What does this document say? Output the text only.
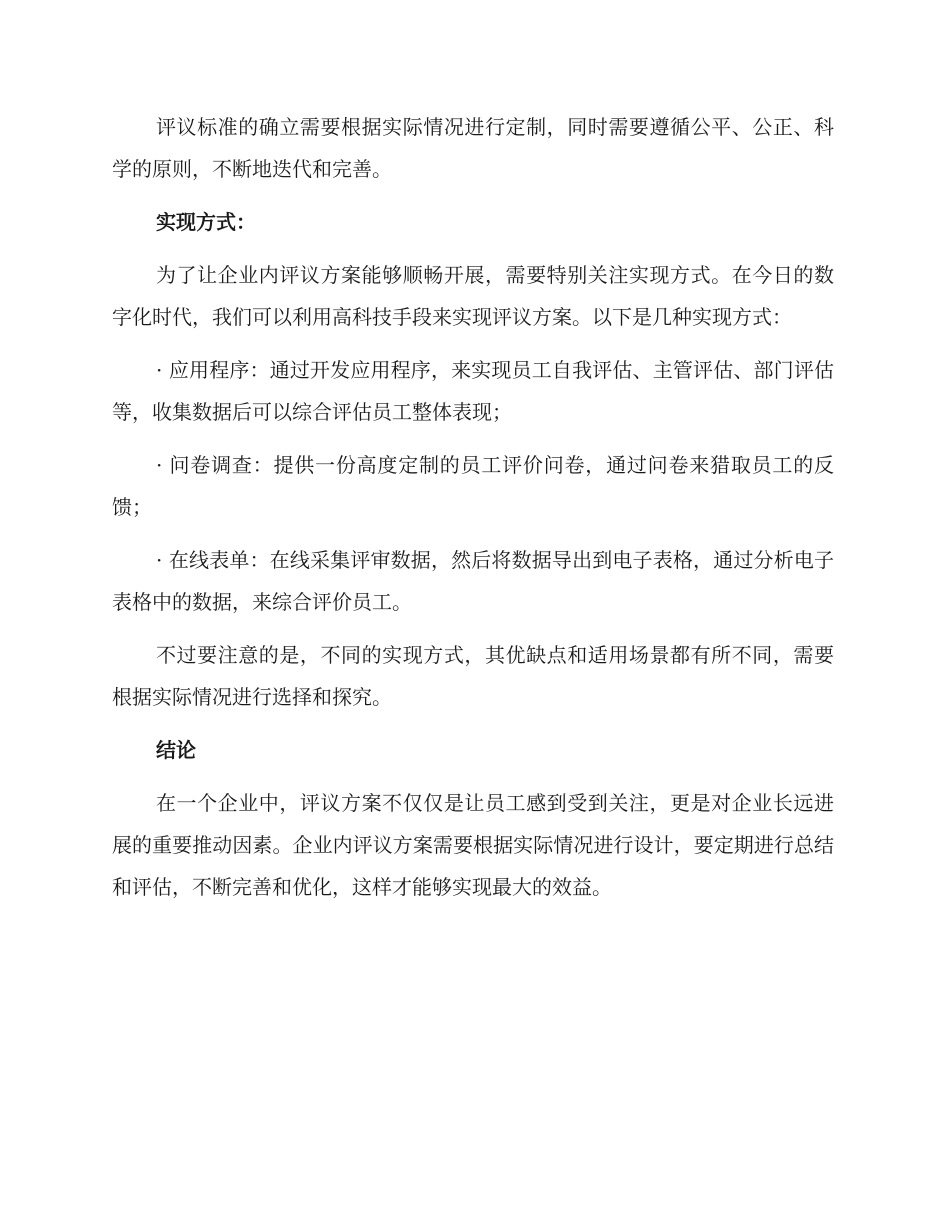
评议标准的确立需要根据实际情况进行定制，同时需要遵循公平、公正、科学的原则，不断地迭代和完善。

实现方式：

为了让企业内评议方案能够顺畅开展，需要特别关注实现方式。在今日的数字化时代，我们可以利用高科技手段来实现评议方案。以下是几种实现方式：

· 应用程序：通过开发应用程序，来实现员工自我评估、主管评估、部门评估等，收集数据后可以综合评估员工整体表现；

· 问卷调查：提供一份高度定制的员工评价问卷，通过问卷来猎取员工的反馈；

· 在线表单：在线采集评审数据，然后将数据导出到电子表格，通过分析电子表格中的数据，来综合评价员工。

不过要注意的是，不同的实现方式，其优缺点和适用场景都有所不同，需要根据实际情况进行选择和探究。

结论

在一个企业中，评议方案不仅仅是让员工感到受到关注，更是对企业长远进展的重要推动因素。企业内评议方案需要根据实际情况进行设计，要定期进行总结和评估，不断完善和优化，这样才能够实现最大的效益。
